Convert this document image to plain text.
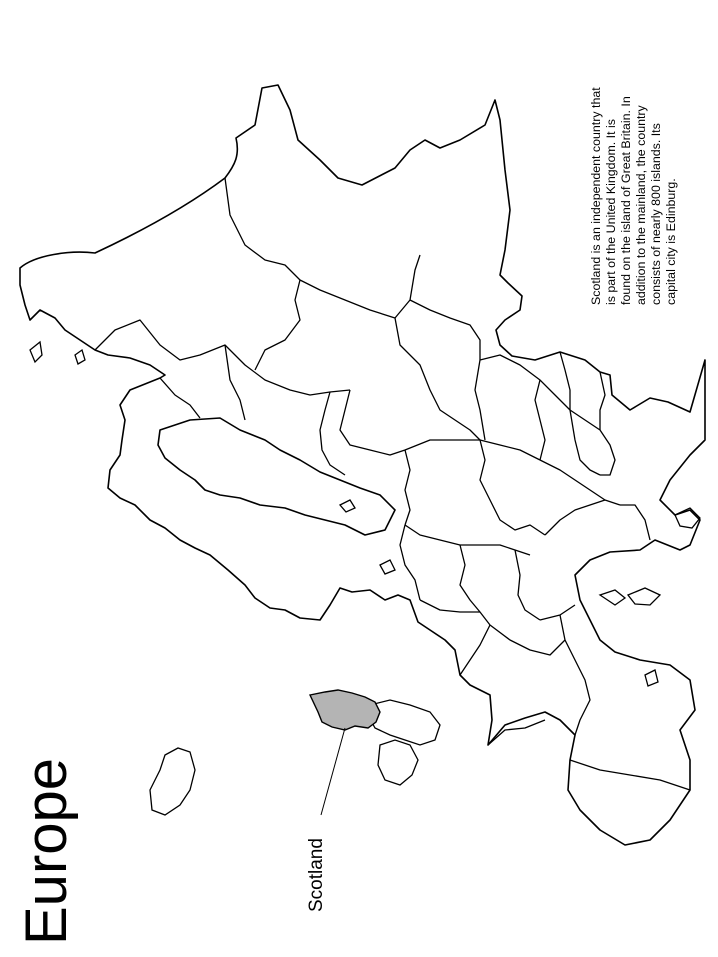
Europe	Scotland
Scotland is an independent country that is part of the United Kingdom. It is found on the island of Great Britain. In addition to the mainland, the country consists of nearly 800 islands. Its capital city is Edinburg.
